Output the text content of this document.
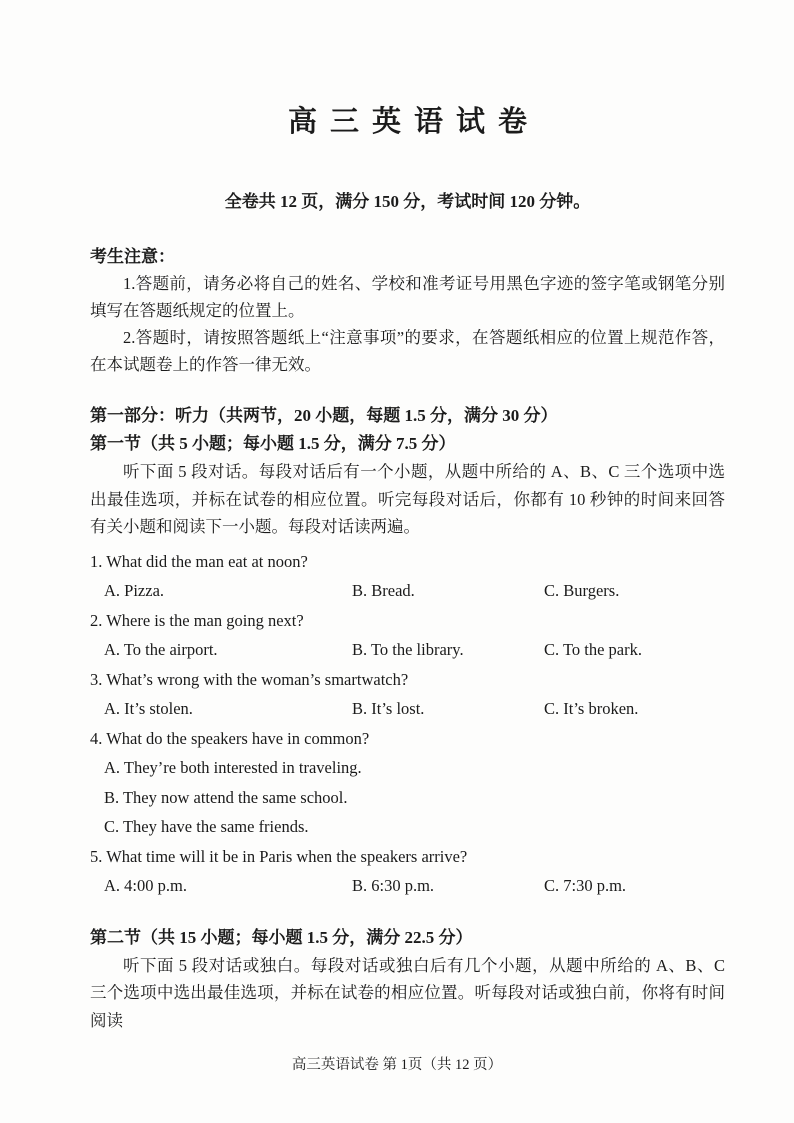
高三英语试卷
全卷共 12 页，满分 150 分，考试时间 120 分钟。
考生注意：

1.答题前，请务必将自己的姓名、学校和准考证号用黑色字迹的签字笔或钢笔分别填写在答题纸规定的位置上。

2.答题时，请按照答题纸上“注意事项”的要求，在答题纸相应的位置上规范作答，在本试题卷上的作答一律无效。

第一部分：听力（共两节，20 小题，每题 1.5 分，满分 30 分）
第一节（共 5 小题；每小题 1.5 分，满分 7.5 分）

听下面 5 段对话。每段对话后有一个小题，从题中所给的 A、B、C 三个选项中选出最佳选项，并标在试卷的相应位置。听完每段对话后，你都有 10 秒钟的时间来回答有关小题和阅读下一小题。每段对话读两遍。

1. What did the man eat at noon?
A. Pizza.	B. Bread.	C. Burgers.
2. Where is the man going next?
A. To the airport.	B. To the library.	C. To the park.
3. What’s wrong with the woman’s smartwatch?
A. It’s stolen.	B. It’s lost.	C. It’s broken.
4. What do the speakers have in common?
A. They’re both interested in traveling.
B. They now attend the same school.
C. They have the same friends.
5. What time will it be in Paris when the speakers arrive?
A. 4:00 p.m.	B. 6:30 p.m.	C. 7:30 p.m.
第二节（共 15 小题；每小题 1.5 分，满分 22.5 分）

听下面 5 段对话或独白。每段对话或独白后有几个小题，从题中所给的 A、B、C 三个选项中选出最佳选项，并标在试卷的相应位置。听每段对话或独白前，你将有时间阅读

高三英语试卷 第 1页（共 12 页）
